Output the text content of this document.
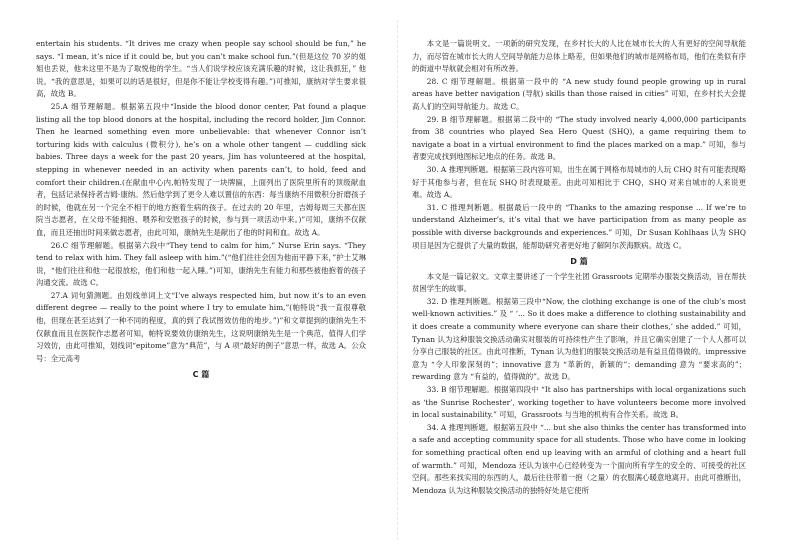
entertain his students. “It drives me crazy when people say school should be fun,” he says. “I mean, it’s nice if it could be, but you can’t make school fun.”(但是这位 70 岁的姐姐也丢说，他未这里不是为了取悦他的学生。“当人们说学校应该充满乐趣的时候，这让我抓狂，” 他说。“我的意思是，如果可以的话是很好，但是你不能让学校变得有趣。”)可推知，康纳对学生要求很高，故选 B。

25.A 细节理解题。根据第五段中“Inside the blood donor center, Pat found a plaque listing all the top blood donors at the hospital, including the record holder, Jim Connor. Then he learned something even more unbelievable: that whenever Connor isn’t torturing kids with calculus (微积分), he’s on a whole other tangent — cuddling sick babies. Three days a week for the past 20 years, Jim has volunteered at the hospital, stepping in whenever needed in an activity when parents can’t, to hold, feed and comfort their children.(在献血中心内,帕特发现了一块牌匾，上面列出了医院里所有的顶级献血者，包括记录保持者吉姆·康纳。然后他学到了更令人难以置信的东西：每当康纳不用微积分折磨孩子的时候，他就在另一个完全不相干的地方抱着生病的孩子。在过去的 20 年里，吉姆每周三天都在医院当志愿者，在父母不能拥抱、喂养和安慰孩子的时候，参与到一项活动中来。)”可知，康纳不仅献血，而且还抽出时间来做志愿者，由此可知，康纳先生是献出了他的时间和血。故选 A。

26.C 细节理解题。根据第六段中“They tend to calm for him,” Nurse Erin says. “They tend to relax with him. They fall asleep with him.”(“他们往往会因为他而平静下来，”护士艾琳说，“他们往往和他一起很放松，他们和他一起入睡。”)可知，康纳先生有能力和那些被他抱着的孩子沟通交流。故选 C。

27.A 词句猜测题。由划线单词上文“I’ve always respected him, but now it’s to an even different degree — really to the point where I try to emulate him,”(帕特说“我一直很尊敬他，但现在甚至达到了一种不同的程度，真的到了我试图效仿他的地步。”)”和文章提到的康纳先生不仅献血而且在医院作志愿者可知，帕特说要效仿康纳先生，这说明康纳先生是一个典范，值得人们学习效仿，由此可推知，划线词“epitome”意为“典范”，与 A 项“最好的例子”意思一样，故选 A。公众号：全元高考

C 篇

本文是一篇说明文。一项新的研究发现，在乡村长大的人比在城市长大的人有更好的空间导航能力，而尽管在城市长大的人空间导航能力总体上略差，但如果他们的城市是网格布局，他们在类似有序的街道中导航就会相对有所改善。

28. C 细节理解题。根据第一段中的 “A new study found people growing up in rural areas have better navigation (导航) skills than those raised in cities” 可知，在乡村长大会提高人们的空间导航能力。故选 C。

29. B 细节理解题。根据第二段中的 “The study involved nearly 4,000,000 participants from 38 countries who played Sea Hero Quest (SHQ), a game requiring them to navigate a boat in a virtual environment to find the places marked on a map.” 可知，参与者要完成找到地图标记地点的任务。故选 B。

30. A 推理判断题。根据第三段内容可知，出生在属于网格布局城市的人玩 CHQ 时有可能表现略好于其他参与者，但在玩 SHQ 时表现最差。由此可知相比于 CHQ，SHQ 对来自城市的人来说更难。故选 A。

31. C 推理判断题。根据最后一段中的 “Thanks to the amazing response ... If we’re to understand Alzheimer’s, it’s vital that we have participation from as many people as possible with diverse backgrounds and experiences.” 可知，Dr Susan Kohlhaas 认为 SHQ 项目是因为它提供了大量的数据，能帮助研究者更好地了解阿尔茨海默病。故选 C。

D 篇

本文是一篇记叙文。文章主要讲述了一个学生社团 Grassroots 定期举办服装交换活动，旨在帮扶贫困学生的故事。

32. D 推理判断题。根据第三段中“Now, the clothing exchange is one of the club’s most well-known activities.” 及 “ ‘... So it does make a difference to clothing sustainability and it does create a community where everyone can share their clothes,’ she added.” 可知，Tynan 认为这种服装交换活动确实对服装的可持续性产生了影响，并且它确实创建了一个人人都可以分享自己服装的社区。由此可推断，Tynan 认为他们的服装交换活动是有益且值得做的。impressive 意为 “令人印象深刻的”；innovative 意为 “革新的，新颖的”；demanding 意为 “要求高的”；rewarding 意为 “有益的，值得做的”。故选 D。

33. B 细节理解题。根据第四段中 “It also has partnerships with local organizations such as ‘the Sunrise Rochester’, working together to have volunteers become more involved in local sustainability.” 可知，Grassroots 与当地的机构有合作关系。故选 B。

34. A 推理判断题。根据第五段中 “... but she also thinks the center has transformed into a safe and accepting community space for all students. Those who have come in looking for something practical often end up leaving with an armful of clothing and a heart full of warmth.” 可知，Mendoza 还认为该中心已经转变为一个面向所有学生的安全的、可接受的社区空间。那些来找实用的东西的人，最后往往带着一抱（之量）的衣服满心暖意地离开。由此可推断出，Mendoza 认为这种服装交换活动的独特好处是它使所
